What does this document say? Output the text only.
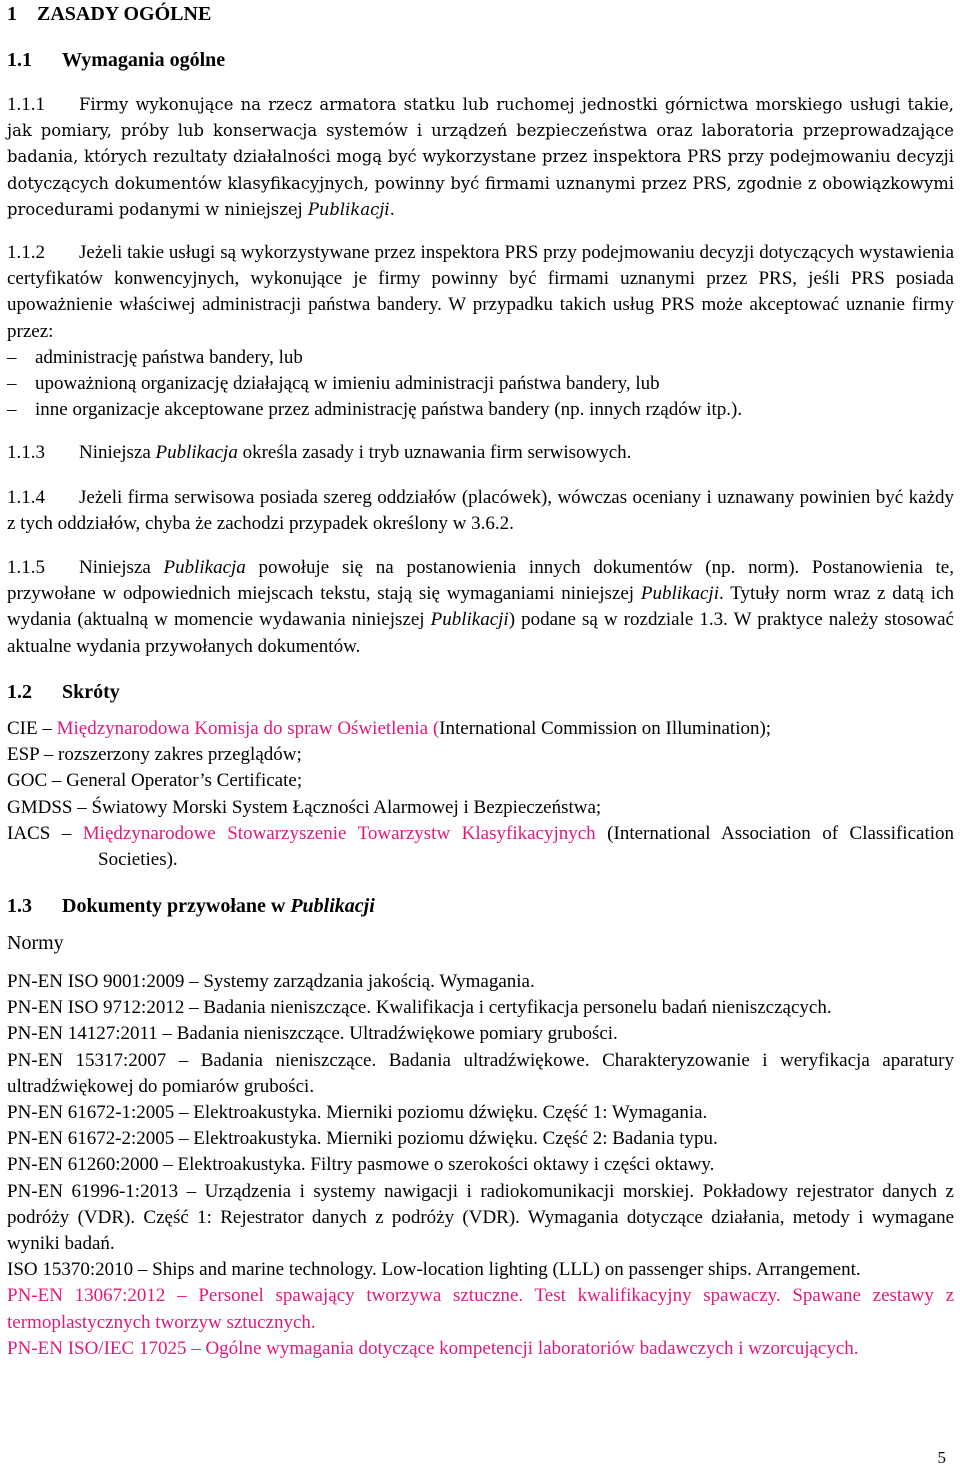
1 ZASADY OGÓLNE
1.1 Wymagania ogólne
1.1.1 Firmy wykonujące na rzecz armatora statku lub ruchomej jednostki górnictwa morskiego usługi takie, jak pomiary, próby lub konserwacja systemów i urządzeń bezpieczeństwa oraz laboratoria przeprowadzające badania, których rezultaty działalności mogą być wykorzystane przez inspektora PRS przy podejmowaniu decyzji dotyczących dokumentów klasyfikacyjnych, powinny być firmami uznanymi przez PRS, zgodnie z obowiązkowymi procedurami podanymi w niniejszej Publikacji.
1.1.2 Jeżeli takie usługi są wykorzystywane przez inspektora PRS przy podejmowaniu decyzji dotyczących wystawienia certyfikatów konwencyjnych, wykonujące je firmy powinny być firmami uznanymi przez PRS, jeśli PRS posiada upoważnienie właściwej administracji państwa bandery. W przypadku takich usług PRS może akceptować uznanie firmy przez:
– administrację państwa bandery, lub
– upoważnioną organizację działającą w imieniu administracji państwa bandery, lub
– inne organizacje akceptowane przez administrację państwa bandery (np. innych rządów itp.).
1.1.3 Niniejsza Publikacja określa zasady i tryb uznawania firm serwisowych.
1.1.4 Jeżeli firma serwisowa posiada szereg oddziałów (placówek), wówczas oceniany i uznawany powinien być każdy z tych oddziałów, chyba że zachodzi przypadek określony w 3.6.2.
1.1.5 Niniejsza Publikacja powołuje się na postanowienia innych dokumentów (np. norm). Postanowienia te, przywołane w odpowiednich miejscach tekstu, stają się wymaganiami niniejszej Publikacji. Tytuły norm wraz z datą ich wydania (aktualną w momencie wydawania niniejszej Publikacji) podane są w rozdziale 1.3. W praktyce należy stosować aktualne wydania przywołanych dokumentów.
1.2 Skróty
CIE – Międzynarodowa Komisja do spraw Oświetlenia (International Commission on Illumination);
ESP – rozszerzony zakres przeglądów;
GOC – General Operator’s Certificate;
GMDSS – Światowy Morski System Łączności Alarmowej i Bezpieczeństwa;
IACS – Międzynarodowe Stowarzyszenie Towarzystw Klasyfikacyjnych (International Association of Classification Societies).
1.3 Dokumenty przywołane w Publikacji
Normy

PN-EN ISO 9001:2009 – Systemy zarządzania jakością. Wymagania.

PN-EN ISO 9712:2012 – Badania nieniszczące. Kwalifikacja i certyfikacja personelu badań nieniszczących.

PN-EN 14127:2011 – Badania nieniszczące. Ultradźwiękowe pomiary grubości.

PN-EN 15317:2007 – Badania nieniszczące. Badania ultradźwiękowe. Charakteryzowanie i weryfikacja aparatury ultradźwiękowej do pomiarów grubości.

PN-EN 61672-1:2005 – Elektroakustyka. Mierniki poziomu dźwięku. Część 1: Wymagania.

PN-EN 61672-2:2005 – Elektroakustyka. Mierniki poziomu dźwięku. Część 2: Badania typu.

PN-EN 61260:2000 – Elektroakustyka. Filtry pasmowe o szerokości oktawy i części oktawy.

PN-EN 61996-1:2013 – Urządzenia i systemy nawigacji i radiokomunikacji morskiej. Pokładowy rejestrator danych z podróży (VDR). Część 1: Rejestrator danych z podróży (VDR). Wymagania dotyczące działania, metody i wymagane wyniki badań.

ISO 15370:2010 – Ships and marine technology. Low-location lighting (LLL) on passenger ships. Arrangement.

PN-EN 13067:2012 – Personel spawający tworzywa sztuczne. Test kwalifikacyjny spawaczy. Spawane zestawy z termoplastycznych tworzyw sztucznych.

PN-EN ISO/IEC 17025 – Ogólne wymagania dotyczące kompetencji laboratoriów badawczych i wzorcujących.

5
